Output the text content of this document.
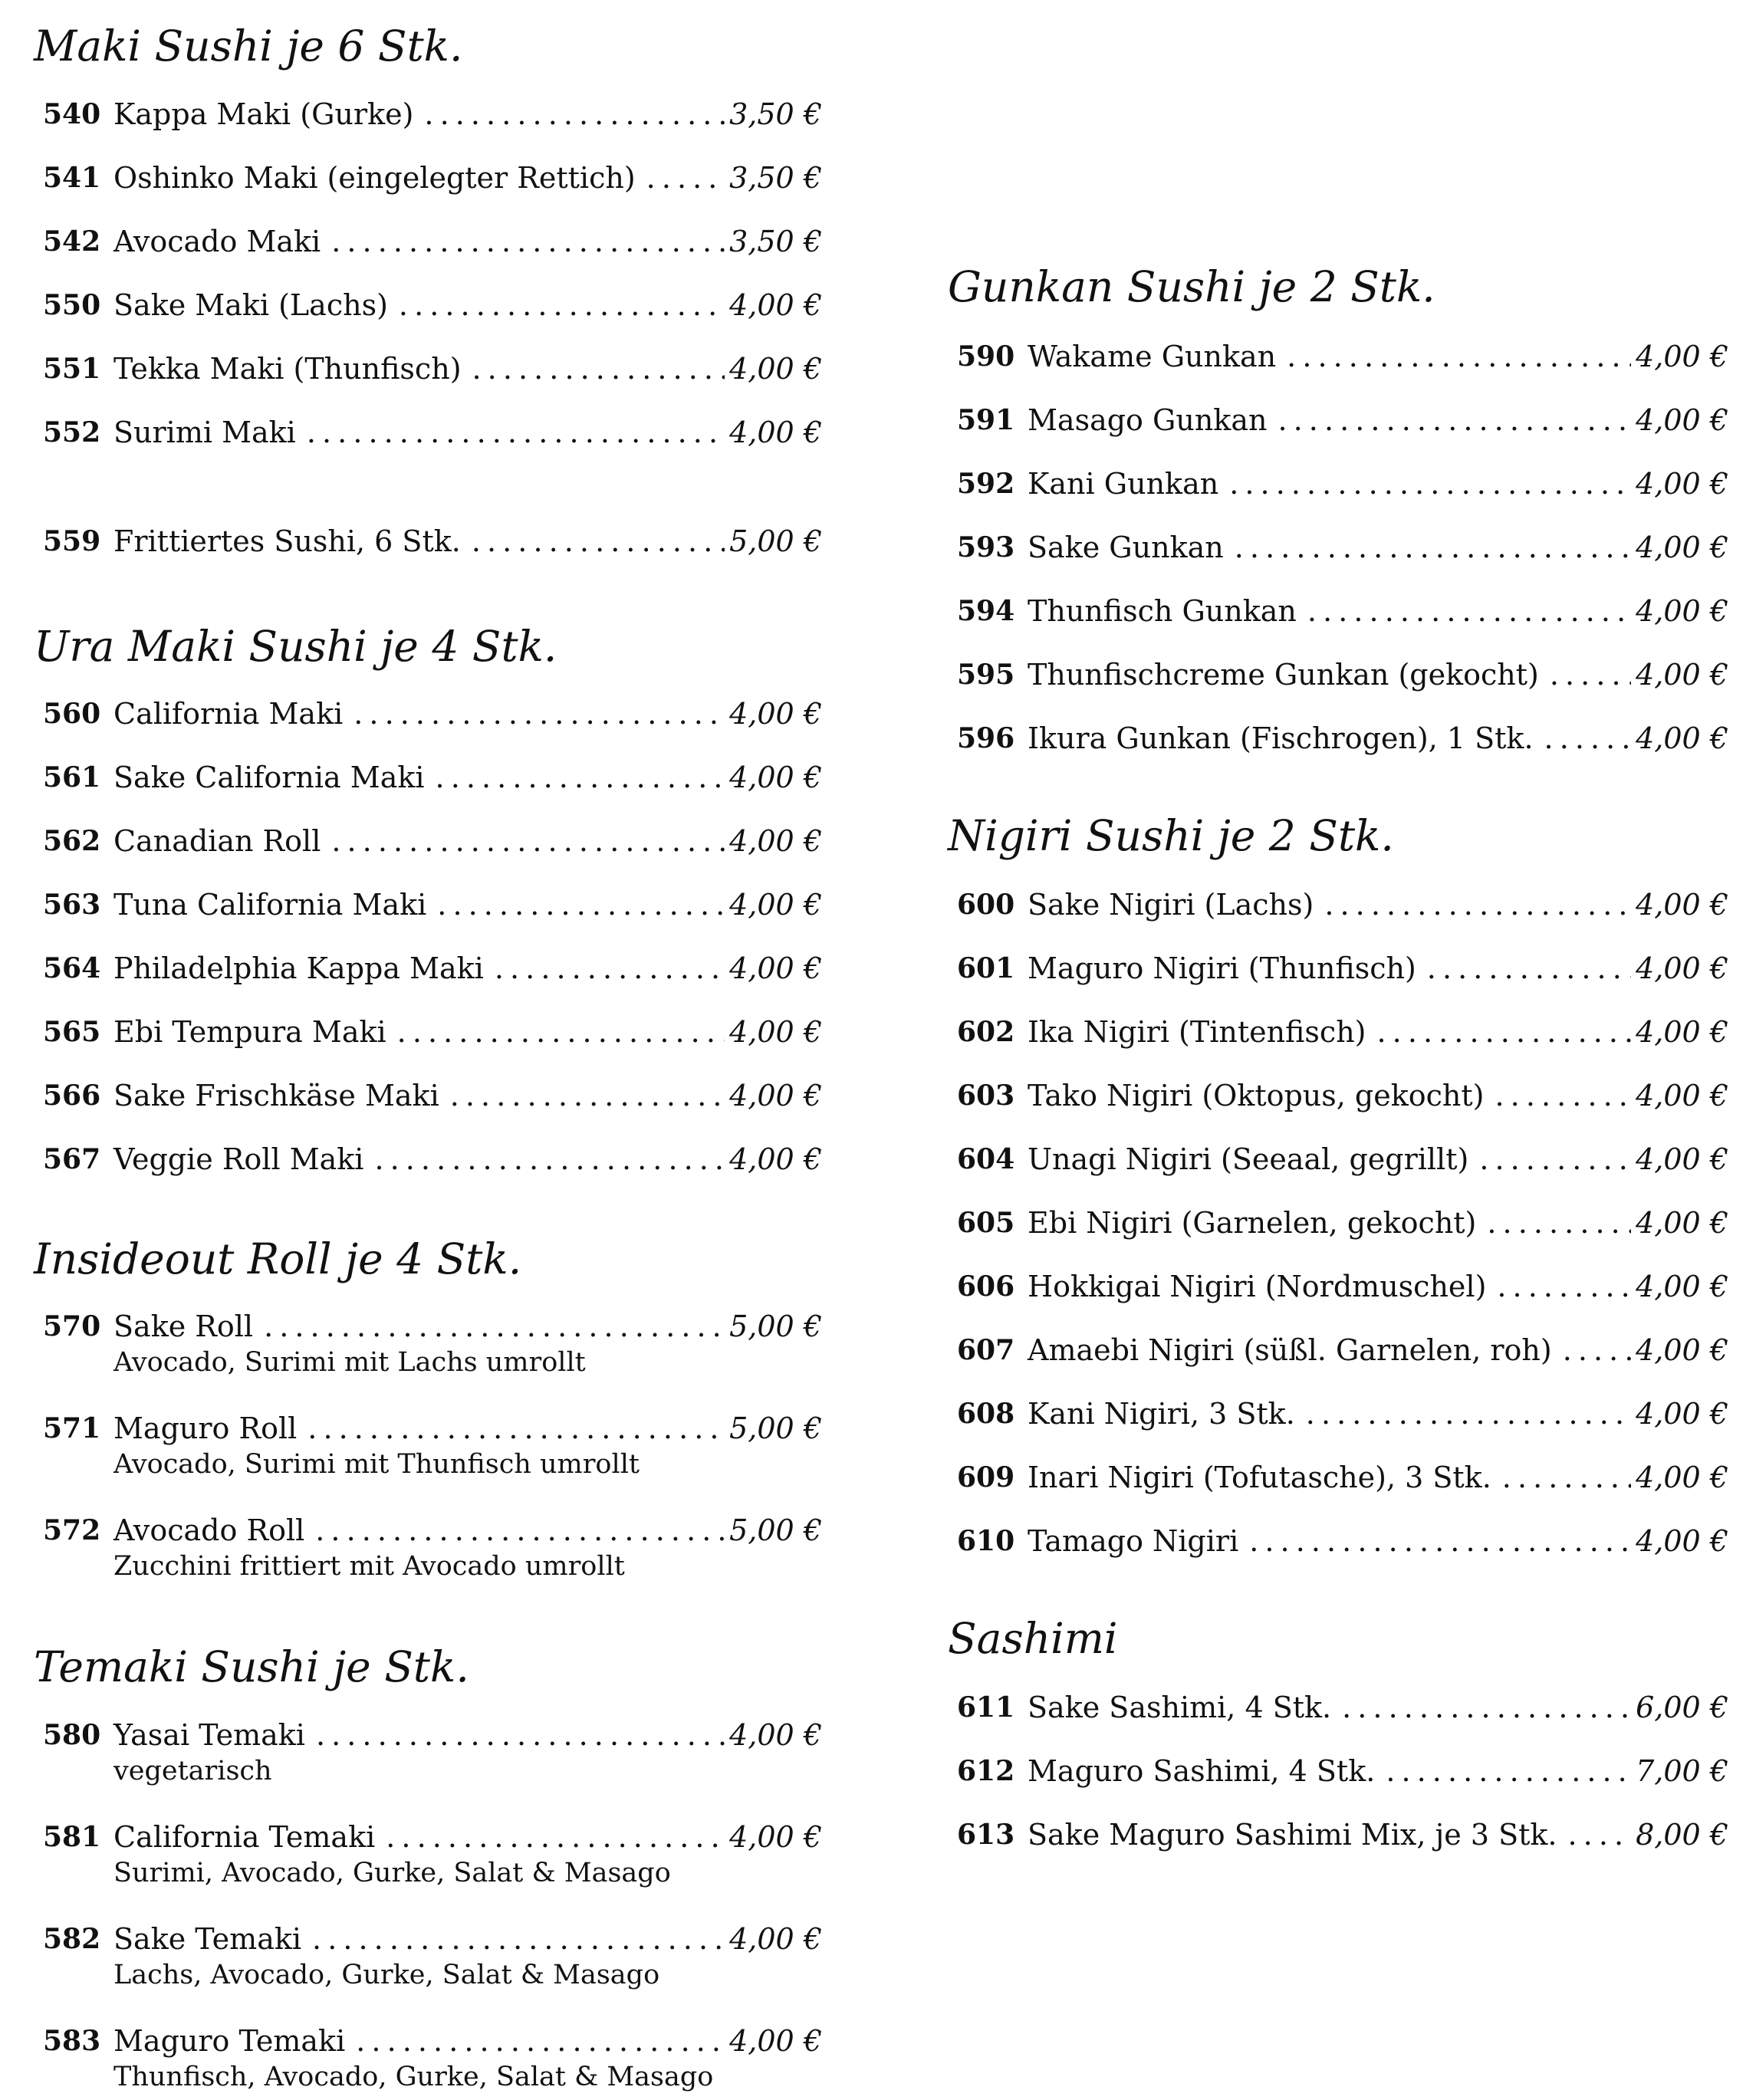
Maki Sushi je 6 Stk.
540 Kappa Maki (Gurke) . . .	3,50 €
541 Oshinko Maki (eingelegter Rettich) . . .	3,50 €
542 Avocado Maki . . .	3,50 €
550 Sake Maki (Lachs) . . .	4,00 €
551 Tekka Maki (Thunfisch) . . .	4,00 €
552 Surimi Maki . . .	4,00 €
559 Frittiertes Sushi, 6 Stk. . . .	5,00 €
Ura Maki Sushi je 4 Stk.
560 California Maki . . .	4,00 €
561 Sake California Maki . . .	4,00 €
562 Canadian Roll . . .	4,00 €
563 Tuna California Maki . . .	4,00 €
564 Philadelphia Kappa Maki . . .	4,00 €
565 Ebi Tempura Maki . . .	4,00 €
566 Sake Frischkäse Maki . . .	4,00 €
567 Veggie Roll Maki . . .	4,00 €
Insideout Roll je 4 Stk.
570 Sake Roll . . .	5,00 €
Avocado, Surimi mit Lachs umrollt
571 Maguro Roll . . .	5,00 €
Avocado, Surimi mit Thunfisch umrollt
572 Avocado Roll . . .	5,00 €
Zucchini frittiert mit Avocado umrollt
Temaki Sushi je Stk.
580 Yasai Temaki . . .	4,00 €
vegetarisch
581 California Temaki . . .	4,00 €
Surimi, Avocado, Gurke, Salat & Masago
582 Sake Temaki . . .	4,00 €
Lachs, Avocado, Gurke, Salat & Masago
583 Maguro Temaki . . .	4,00 €
Thunfisch, Avocado, Gurke, Salat & Masago
Gunkan Sushi je 2 Stk.
590 Wakame Gunkan . . .	4,00 €
591 Masago Gunkan . . .	4,00 €
592 Kani Gunkan . . .	4,00 €
593 Sake Gunkan . . .	4,00 €
594 Thunfisch Gunkan . . .	4,00 €
595 Thunfischcreme Gunkan (gekocht) . . .	4,00 €
596 Ikura Gunkan (Fischrogen), 1 Stk. . . .	4,00 €
Nigiri Sushi je 2 Stk.
600 Sake Nigiri (Lachs) . . .	4,00 €
601 Maguro Nigiri (Thunfisch) . . .	4,00 €
602 Ika Nigiri (Tintenfisch) . . .	4,00 €
603 Tako Nigiri (Oktopus, gekocht) . . .	4,00 €
604 Unagi Nigiri (Seeaal, gegrillt) . . .	4,00 €
605 Ebi Nigiri (Garnelen, gekocht) . . .	4,00 €
606 Hokkigai Nigiri (Nordmuschel) . . .	4,00 €
607 Amaebi Nigiri (süßl. Garnelen, roh) . . .	4,00 €
608 Kani Nigiri, 3 Stk. . . .	4,00 €
609 Inari Nigiri (Tofutasche), 3 Stk. . . .	4,00 €
610 Tamago Nigiri . . .	4,00 €
Sashimi
611 Sake Sashimi, 4 Stk. . . .	6,00 €
612 Maguro Sashimi, 4 Stk. . . .	7,00 €
613 Sake Maguro Sashimi Mix, je 3 Stk. . . .	8,00 €
